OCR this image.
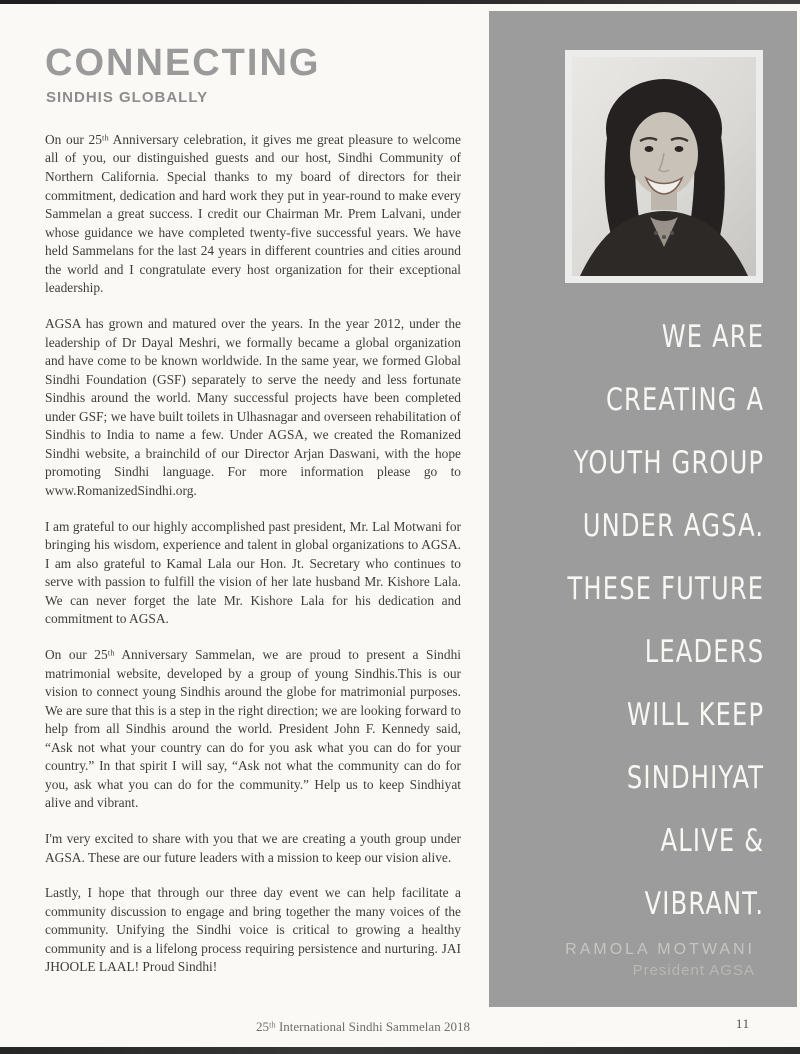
CONNECTING
SINDHIS GLOBALLY
On our 25ᵗʰ Anniversary celebration, it gives me great pleasure to welcome all of you, our distinguished guests and our host, Sindhi Community of Northern California. Special thanks to my board of directors for their commitment, dedication and hard work they put in year-round to make every Sammelan a great success. I credit our Chairman Mr. Prem Lalvani, under whose guidance we have completed twenty-five successful years. We have held Sammelans for the last 24 years in different countries and cities around the world and I congratulate every host organization for their exceptional leadership.
AGSA has grown and matured over the years. In the year 2012, under the leadership of Dr Dayal Meshri, we formally became a global organization and have come to be known worldwide. In the same year, we formed Global Sindhi Foundation (GSF) separately to serve the needy and less fortunate Sindhis around the world. Many successful projects have been completed under GSF; we have built toilets in Ulhasnagar and overseen rehabilitation of Sindhis to India to name a few. Under AGSA, we created the Romanized Sindhi website, a brainchild of our Director Arjan Daswani, with the hope promoting Sindhi language. For more information please go to www.RomanizedSindhi.org.
I am grateful to our highly accomplished past president, Mr. Lal Motwani for bringing his wisdom, experience and talent in global organizations to AGSA. I am also grateful to Kamal Lala our Hon. Jt. Secretary who continues to serve with passion to fulfill the vision of her late husband Mr. Kishore Lala. We can never forget the late Mr. Kishore Lala for his dedication and commitment to AGSA.
On our 25ᵗʰ Anniversary Sammelan, we are proud to present a Sindhi matrimonial website, developed by a group of young Sindhis.This is our vision to connect young Sindhis around the globe for matrimonial purposes. We are sure that this is a step in the right direction; we are looking forward to help from all Sindhis around the world. President John F. Kennedy said, “Ask not what your country can do for you ask what you can do for your country.” In that spirit I will say, “Ask not what the community can do for you, ask what you can do for the community.” Help us to keep Sindhiyat alive and vibrant.
I'm very excited to share with you that we are creating a youth group under AGSA. These are our future leaders with a mission to keep our vision alive.
Lastly, I hope that through our three day event we can help facilitate a community discussion to engage and bring together the many voices of the community. Unifying the Sindhi voice is critical to growing a healthy community and is a lifelong process requiring persistence and nurturing. JAI JHOOLE LAAL! Proud Sindhi!
WE ARE
CREATING A
YOUTH GROUP
UNDER AGSA.
THESE FUTURE
LEADERS
WILL KEEP
SINDHIYAT
ALIVE &
VIBRANT.
RAMOLA MOTWANI
President AGSA
25ᵗʰ International Sindhi Sammelan 2018	11
